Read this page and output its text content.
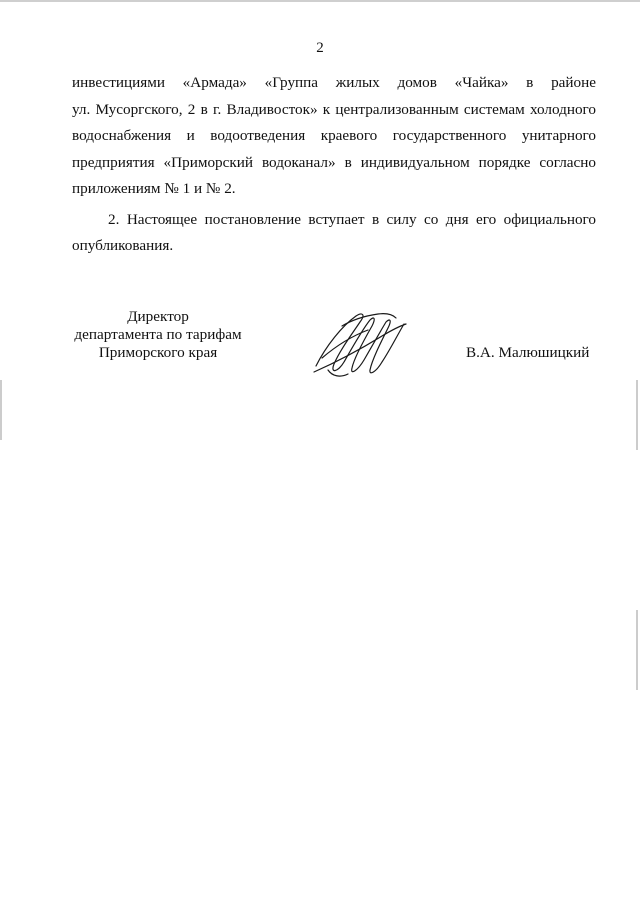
2
инвестициями «Армада» «Группа жилых домов «Чайка» в районе
ул. Мусоргского, 2 в г. Владивосток» к централизованным системам холодного
водоснабжения и водоотведения краевого государственного унитарного
предприятия «Приморский водоканал» в индивидуальном порядке согласно
приложениям № 1 и № 2.
2. Настоящее постановление вступает в силу со дня его официального
опубликования.
Директор
департамента по тарифам
Приморского края	В.А. Малюшицкий
